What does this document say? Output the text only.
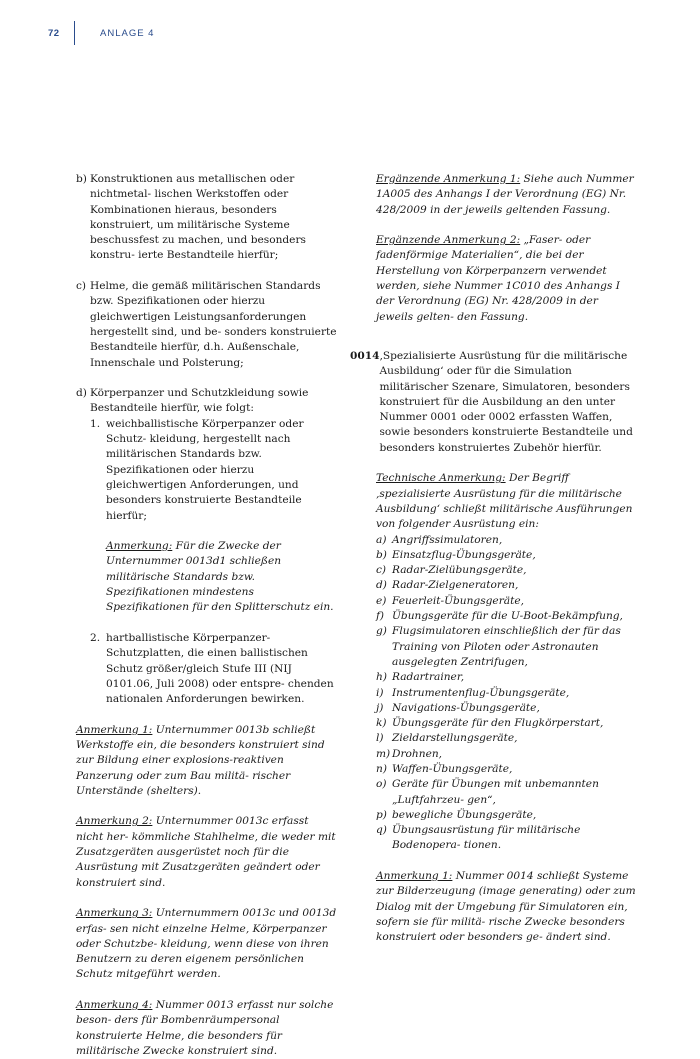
72	ANLAGE 4
b) Konstruktionen aus metallischen oder nichtmetal- lischen Werkstoffen oder Kombinationen hieraus, besonders konstruiert, um militärische Systeme beschussfest zu machen, und besonders konstru- ierte Bestandteile hierfür;
c) Helme, die gemäß militärischen Standards bzw. Spezifikationen oder hierzu gleichwertigen Leistungsanforderungen hergestellt sind, und be- sonders konstruierte Bestandteile hierfür, d.h. Außenschale, Innenschale und Polsterung;
d) Körperpanzer und Schutzkleidung sowie Bestandteile hierfür, wie folgt:
1. weichballistische Körperpanzer oder Schutz- kleidung, hergestellt nach militärischen Standards bzw. Spezifikationen oder hierzu gleichwertigen Anforderungen, und besonders konstruierte Bestandteile hierfür;

Anmerkung: Für die Zwecke der Unternummer 0013d1 schließen militärische Standards bzw. Spezifikationen mindestens Spezifikationen für den Splitterschutz ein.

2. hartballistische Körperpanzer-Schutzplatten, die einen ballistischen Schutz größer/gleich Stufe III (NIJ 0101.06, Juli 2008) oder entspre- chenden nationalen Anforderungen bewirken.

Anmerkung 1: Unternummer 0013b schließt Werkstoffe ein, die besonders konstruiert sind zur Bildung einer explosions-reaktiven Panzerung oder zum Bau militä- rischer Unterstände (shelters).

Anmerkung 2: Unternummer 0013c erfasst nicht her- kömmliche Stahlhelme, die weder mit Zusatzgeräten ausgerüstet noch für die Ausrüstung mit Zusatzgeräten geändert oder konstruiert sind.

Anmerkung 3: Unternummern 0013c und 0013d erfas- sen nicht einzelne Helme, Körperpanzer oder Schutzbe- kleidung, wenn diese von ihren Benutzern zu deren eigenem persönlichen Schutz mitgeführt werden.

Anmerkung 4: Nummer 0013 erfasst nur solche beson- ders für Bombenräumpersonal konstruierte Helme, die besonders für militärische Zwecke konstruiert sind.

Ergänzende Anmerkung 1: Siehe auch Nummer 1A005 des Anhangs I der Verordnung (EG) Nr. 428/2009 in der jeweils geltenden Fassung.

Ergänzende Anmerkung 2: „Faser- oder fadenförmige Materialien“, die bei der Herstellung von Körperpanzern verwendet werden, siehe Nummer 1C010 des Anhangs I der Verordnung (EG) Nr. 428/2009 in der jeweils gelten- den Fassung.

0014 ‚Spezialisierte Ausrüstung für die militärische Ausbildung‘ oder für die Simulation militärischer Szenare, Simulatoren, besonders konstruiert für die Ausbildung an den unter Nummer 0001 oder 0002 erfassten Waffen, sowie besonders konstruierte Bestandteile und besonders konstruiertes Zubehör hierfür.

Technische Anmerkung: Der Begriff ‚spezialisierte Ausrüstung für die militärische Ausbildung‘ schließt militärische Ausführungen von folgender Ausrüstung ein:

a) Angriffssimulatoren,
b) Einsatzflug-Übungsgeräte,
c) Radar-Zielübungsgeräte,
d) Radar-Zielgeneratoren,
e) Feuerleit-Übungsgeräte,
f) Übungsgeräte für die U-Boot-Bekämpfung,
g) Flugsimulatoren einschließlich der für das Training von Piloten oder Astronauten ausgelegten Zentrifugen,
h) Radartrainer,
i) Instrumentenflug-Übungsgeräte,
j) Navigations-Übungsgeräte,
k) Übungsgeräte für den Flugkörperstart,
l) Zieldarstellungsgeräte,
m) Drohnen,
n) Waffen-Übungsgeräte,
o) Geräte für Übungen mit unbemannten „Luftfahrzeu- gen“,
p) bewegliche Übungsgeräte,
q) Übungsausrüstung für militärische Bodenopera- tionen.

Anmerkung 1: Nummer 0014 schließt Systeme zur Bilderzeugung (image generating) oder zum Dialog mit der Umgebung für Simulatoren ein, sofern sie für militä- rische Zwecke besonders konstruiert oder besonders ge- ändert sind.
